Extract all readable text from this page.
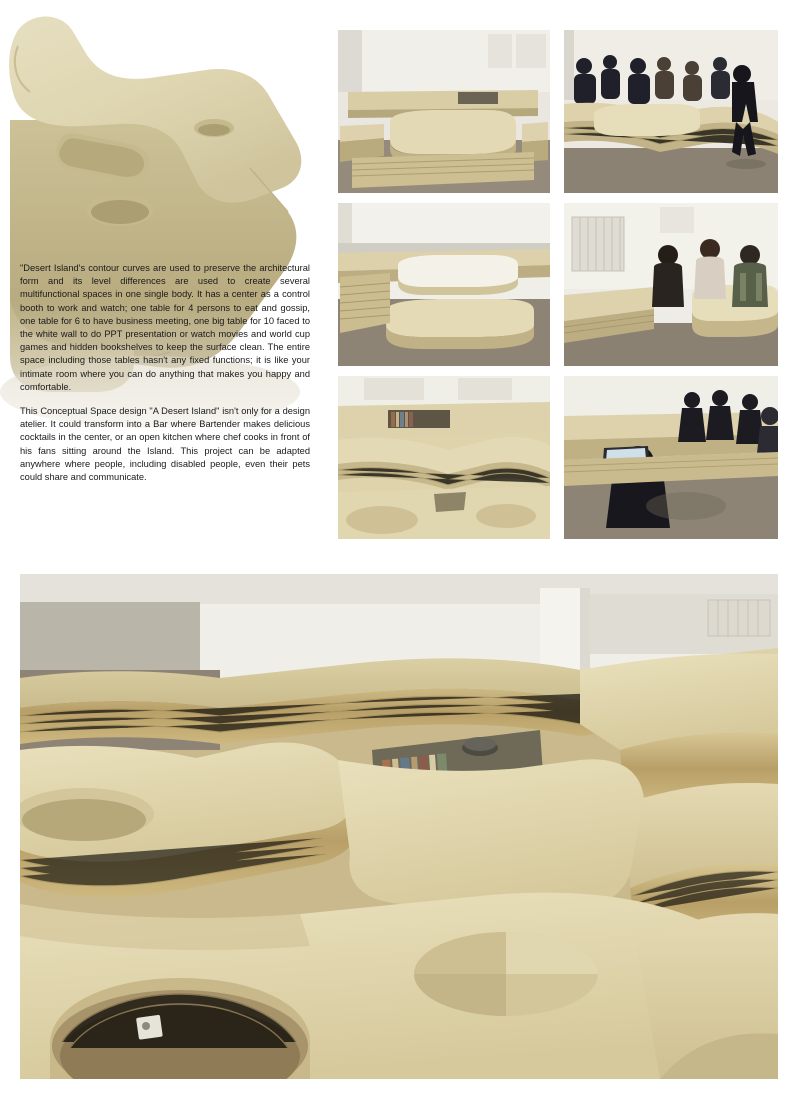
"Desert Island's contour curves are used to preserve the architectural form and its level differences are used to create several multifunctional spaces in one single body. It has a center as a control booth to work and watch; one table for 4 persons to eat and gossip, one table for 6 to have business meeting, one big table for 10 faced to the white wall to do PPT presentation or watch movies and world cup games and hidden bookshelves to keep the surface clean. The entire space including those tables hasn't any fixed functions; it is like your intimate room where you can do anything that makes you happy and comfortable.

This Conceptual Space design "A Desert Island" isn't only for a design atelier. It could transform into a Bar where Bartender makes delicious cocktails in the center, or an open kitchen where chef cooks in front of his fans sitting around the Island. This project can be adapted anywhere where people, including disabled people, even their pets could share and communicate.
